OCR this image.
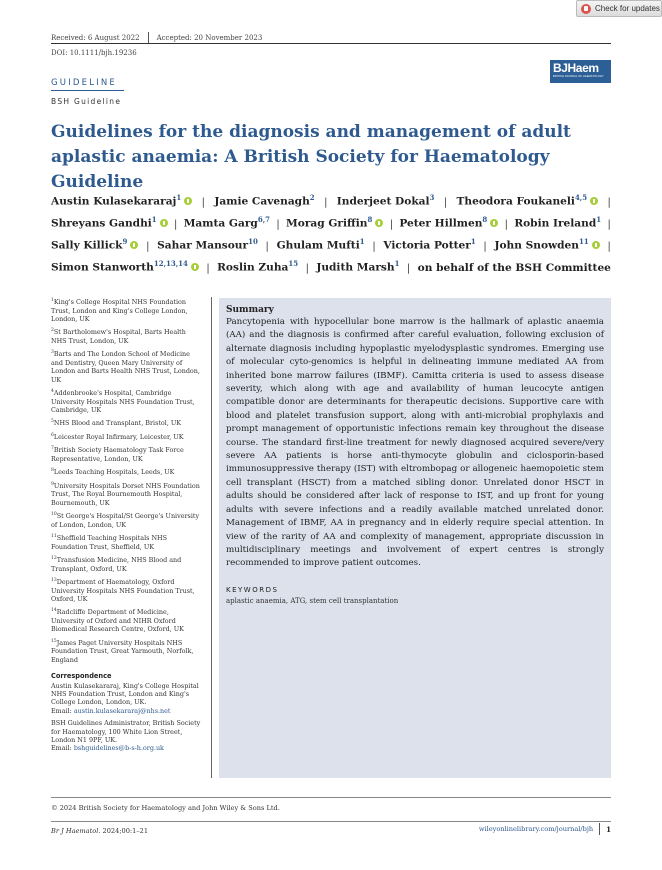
Check for updates
Received: 6 August 2022 Accepted: 20 November 2023
DOI: 10.1111/bjh.19236
GUIDELINE
BSH Guideline
BJHaem
BRITISH JOURNAL OF HAEMATOLOGY
Guidelines for the diagnosis and management of adult aplastic anaemia: A British Society for Haematology Guideline
Austin Kulasekararaj$^1$	| Jamie Cavenagh$^2$ | Inderjeet Dokal$^3$ | Theodora Foukaneli$^{4,5}$	|
Shreyans Gandhi$^1$	| Mamta Garg$^{6,7}$ | Morag Griffin$^8$	| Peter Hillmen$^8$	| Robin Ireland$^1$ |
Sally Killick$^9$	| Sahar Mansour$^{10}$ | Ghulam Mufti$^1$ | Victoria Potter$^1$ | John Snowden$^{11}$	|
Simon Stanworth$^{12,13,14}$	| Roslin Zuha$^{15}$ | Judith Marsh$^1$ | on behalf of the BSH Committee
$^1$King's College Hospital NHS Foundation Trust, London and King's College London, London, UK
$^2$St Bartholomew's Hospital, Barts Health NHS Trust, London, UK
$^3$Barts and The London School of Medicine and Dentistry, Queen Mary University of London and Barts Health NHS Trust, London, UK
$^4$Addenbrooke's Hospital, Cambridge University Hospitals NHS Foundation Trust, Cambridge, UK
$^5$NHS Blood and Transplant, Bristol, UK
$^6$Leicester Royal Infirmary, Leicester, UK
$^7$British Society Haematology Task Force Representative, London, UK
$^8$Leeds Teaching Hospitals, Leeds, UK
$^9$University Hospitals Dorset NHS Foundation Trust, The Royal Bournemouth Hospital, Bournemouth, UK
$^{10}$St George's Hospital/St George's University of London, London, UK
$^{11}$Sheffield Teaching Hospitals NHS Foundation Trust, Sheffield, UK
$^{12}$Transfusion Medicine, NHS Blood and Transplant, Oxford, UK
$^{13}$Department of Haematology, Oxford University Hospitals NHS Foundation Trust, Oxford, UK
$^{14}$Radcliffe Department of Medicine, University of Oxford and NIHR Oxford Biomedical Research Centre, Oxford, UK
$^{15}$James Paget University Hospitals NHS Foundation Trust, Great Yarmouth, Norfolk, England
Correspondence
Austin Kulasekararaj, King's College Hospital NHS Foundation Trust, London and King's College London, London, UK.
Email: austin.kulasekararaj@nhs.net
BSH Guidelines Administrator, British Society for Haematology, 100 White Lion Street, London N1 9PF, UK.
Email: bshguidelines@b-s-h.org.uk
Summary

Pancytopenia with hypocellular bone marrow is the hallmark of aplastic anaemia (AA) and the diagnosis is confirmed after careful evaluation, following exclusion of alternate diagnosis including hypoplastic myelodysplastic syndromes. Emerging use of molecular cyto-genomics is helpful in delineating immune mediated AA from inherited bone marrow failures (IBMF). Camitta criteria is used to assess disease severity, which along with age and availability of human leucocyte antigen compatible donor are determinants for therapeutic decisions. Supportive care with blood and platelet transfusion support, along with anti-microbial prophylaxis and prompt management of opportunistic infections remain key throughout the disease course. The standard first-line treatment for newly diagnosed acquired severe/very severe AA patients is horse anti-thymocyte globulin and ciclosporin-based immunosuppressive therapy (IST) with eltrombopag or allogeneic haemopoietic stem cell transplant (HSCT) from a matched sibling donor. Unrelated donor HSCT in adults should be considered after lack of response to IST, and up front for young adults with severe infections and a readily available matched unrelated donor. Management of IBMF, AA in pregnancy and in elderly require special attention. In view of the rarity of AA and complexity of management, appropriate discussion in multidisciplinary meetings and involvement of expert centres is strongly recommended to improve patient outcomes.

KEYWORDS
aplastic anaemia, ATG, stem cell transplantation
© 2024 British Society for Haematology and John Wiley & Sons Ltd.
Br J Haematol. 2024;00:1–21	wileyonlinelibrary.com/journal/bjh 1
